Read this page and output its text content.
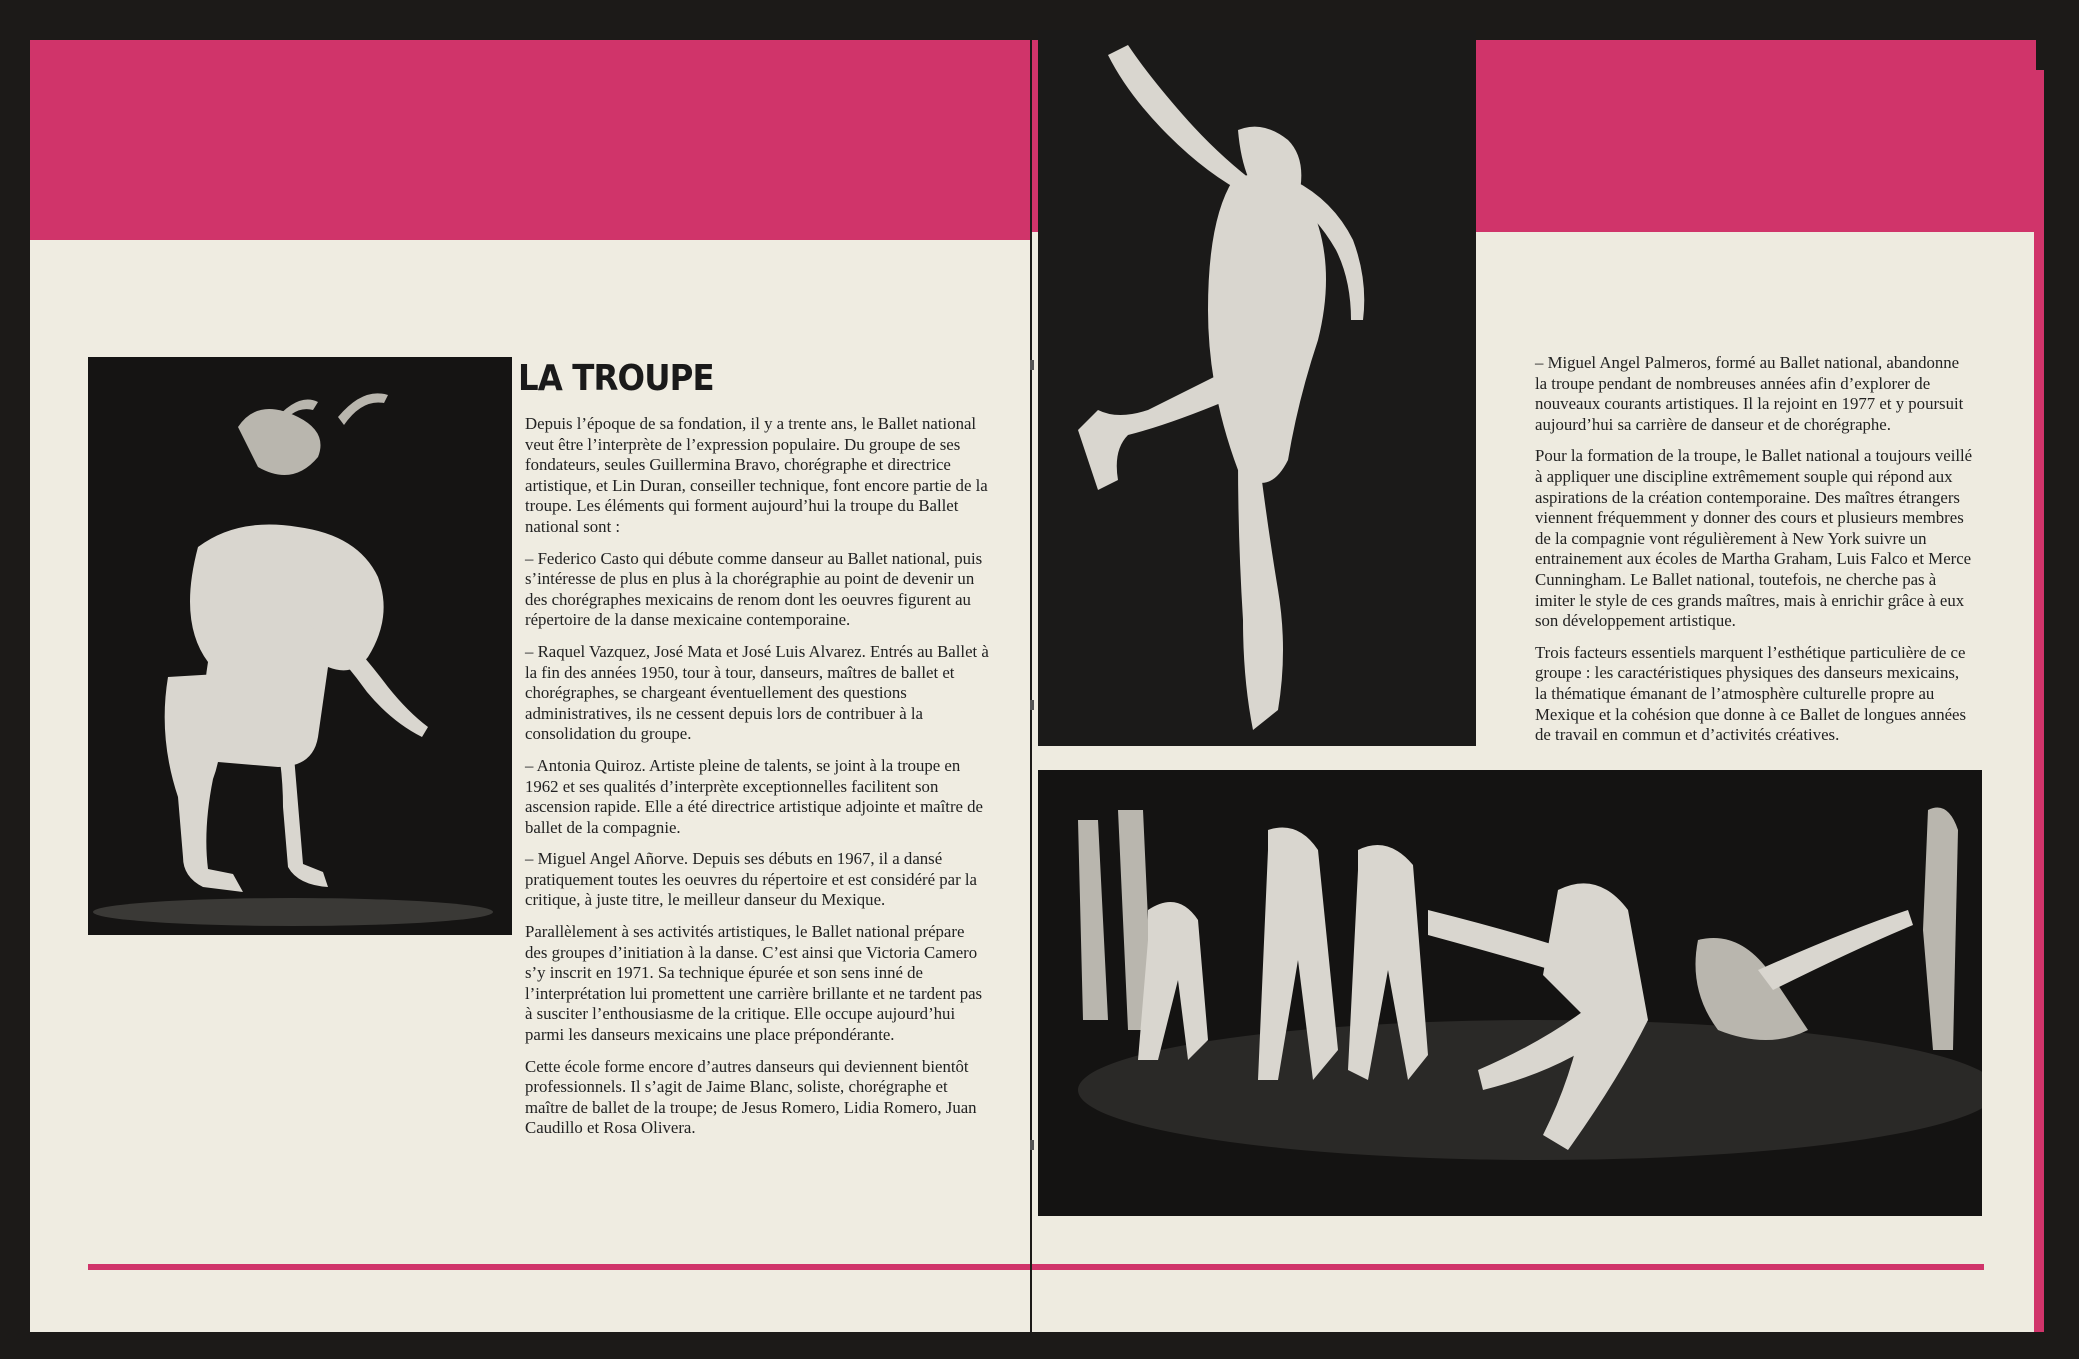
LA TROUPE

Depuis l’époque de sa fondation, il y a trente ans, le Ballet national veut être l’interprète de l’expression populaire. Du groupe de ses fondateurs, seules Guillermina Bravo, chorégraphe et directrice artistique, et Lin Duran, conseiller technique, font encore partie de la troupe. Les éléments qui forment aujourd’hui la troupe du Ballet national sont :

– Federico Casto qui débute comme danseur au Ballet national, puis s’intéresse de plus en plus à la chorégraphie au point de devenir un des chorégraphes mexicains de renom dont les oeuvres figurent au répertoire de la danse mexicaine contemporaine.

– Raquel Vazquez, José Mata et José Luis Alvarez. Entrés au Ballet à la fin des années 1950, tour à tour, danseurs, maîtres de ballet et chorégraphes, se chargeant éventuellement des questions administratives, ils ne cessent depuis lors de contribuer à la consolidation du groupe.

– Antonia Quiroz. Artiste pleine de talents, se joint à la troupe en 1962 et ses qualités d’interprète exceptionnelles facilitent son ascension rapide. Elle a été directrice artistique adjointe et maître de ballet de la compagnie.

– Miguel Angel Añorve. Depuis ses débuts en 1967, il a dansé pratiquement toutes les oeuvres du répertoire et est considéré par la critique, à juste titre, le meilleur danseur du Mexique.

Parallèlement à ses activités artistiques, le Ballet national prépare des groupes d’initiation à la danse. C’est ainsi que Victoria Camero s’y inscrit en 1971. Sa technique épurée et son sens inné de l’interprétation lui promettent une carrière brillante et ne tardent pas à susciter l’enthousiasme de la critique. Elle occupe aujourd’hui parmi les danseurs mexicains une place prépondérante.

Cette école forme encore d’autres danseurs qui deviennent bientôt professionnels. Il s’agit de Jaime Blanc, soliste, chorégraphe et maître de ballet de la troupe; de Jesus Romero, Lidia Romero, Juan Caudillo et Rosa Olivera.

– Miguel Angel Palmeros, formé au Ballet national, abandonne la troupe pendant de nombreuses années afin d’explorer de nouveaux courants artistiques. Il la rejoint en 1977 et y poursuit aujourd’hui sa carrière de danseur et de chorégraphe.

Pour la formation de la troupe, le Ballet national a toujours veillé à appliquer une discipline extrêmement souple qui répond aux aspirations de la création contemporaine. Des maîtres étrangers viennent fréquemment y donner des cours et plusieurs membres de la compagnie vont régulièrement à New York suivre un entrainement aux écoles de Martha Graham, Luis Falco et Merce Cunningham. Le Ballet national, toutefois, ne cherche pas à imiter le style de ces grands maîtres, mais à enrichir grâce à eux son développement artistique.

Trois facteurs essentiels marquent l’esthétique particulière de ce groupe : les caractéristiques physiques des danseurs mexicains, la thématique émanant de l’atmosphère culturelle propre au Mexique et la cohésion que donne à ce Ballet de longues années de travail en commun et d’activités créatives.
